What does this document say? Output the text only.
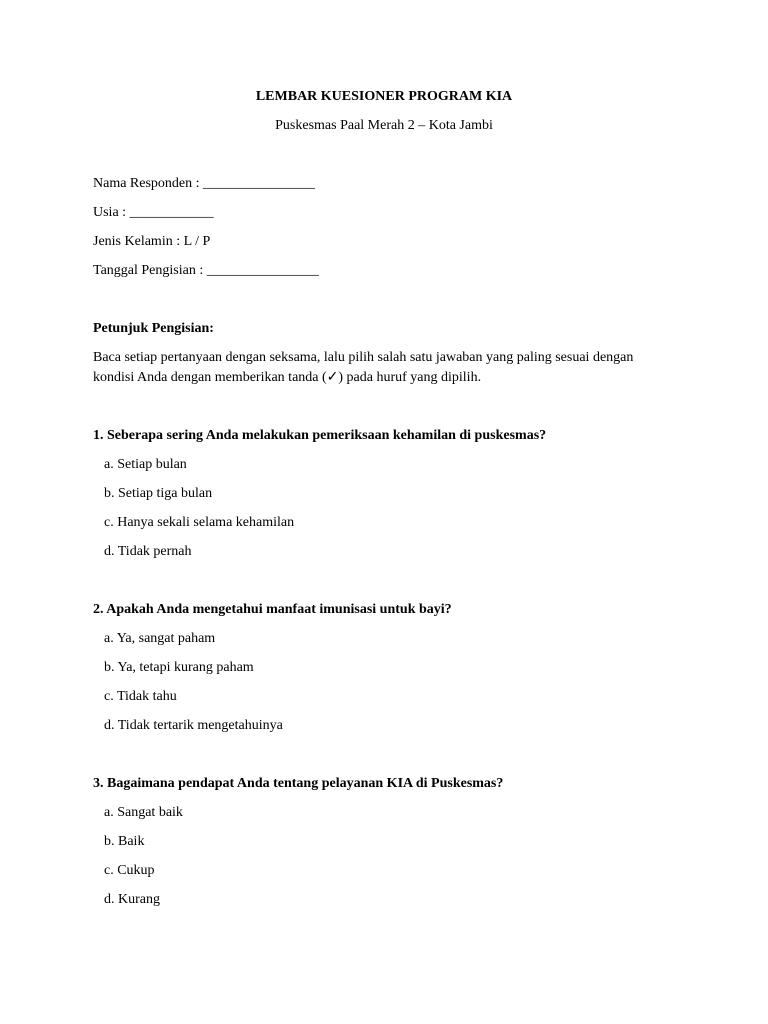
LEMBAR KUESIONER PROGRAM KIA
Puskesmas Paal Merah 2 – Kota Jambi
Nama Responden : ________________
Usia : ____________
Jenis Kelamin : L / P
Tanggal Pengisian : ________________
Petunjuk Pengisian:
Baca setiap pertanyaan dengan seksama, lalu pilih salah satu jawaban yang paling sesuai dengan kondisi Anda dengan memberikan tanda (✓) pada huruf yang dipilih.
1. Seberapa sering Anda melakukan pemeriksaan kehamilan di puskesmas?
a. Setiap bulan
b. Setiap tiga bulan
c. Hanya sekali selama kehamilan
d. Tidak pernah
2. Apakah Anda mengetahui manfaat imunisasi untuk bayi?
a. Ya, sangat paham
b. Ya, tetapi kurang paham
c. Tidak tahu
d. Tidak tertarik mengetahuinya
3. Bagaimana pendapat Anda tentang pelayanan KIA di Puskesmas?
a. Sangat baik
b. Baik
c. Cukup
d. Kurang
